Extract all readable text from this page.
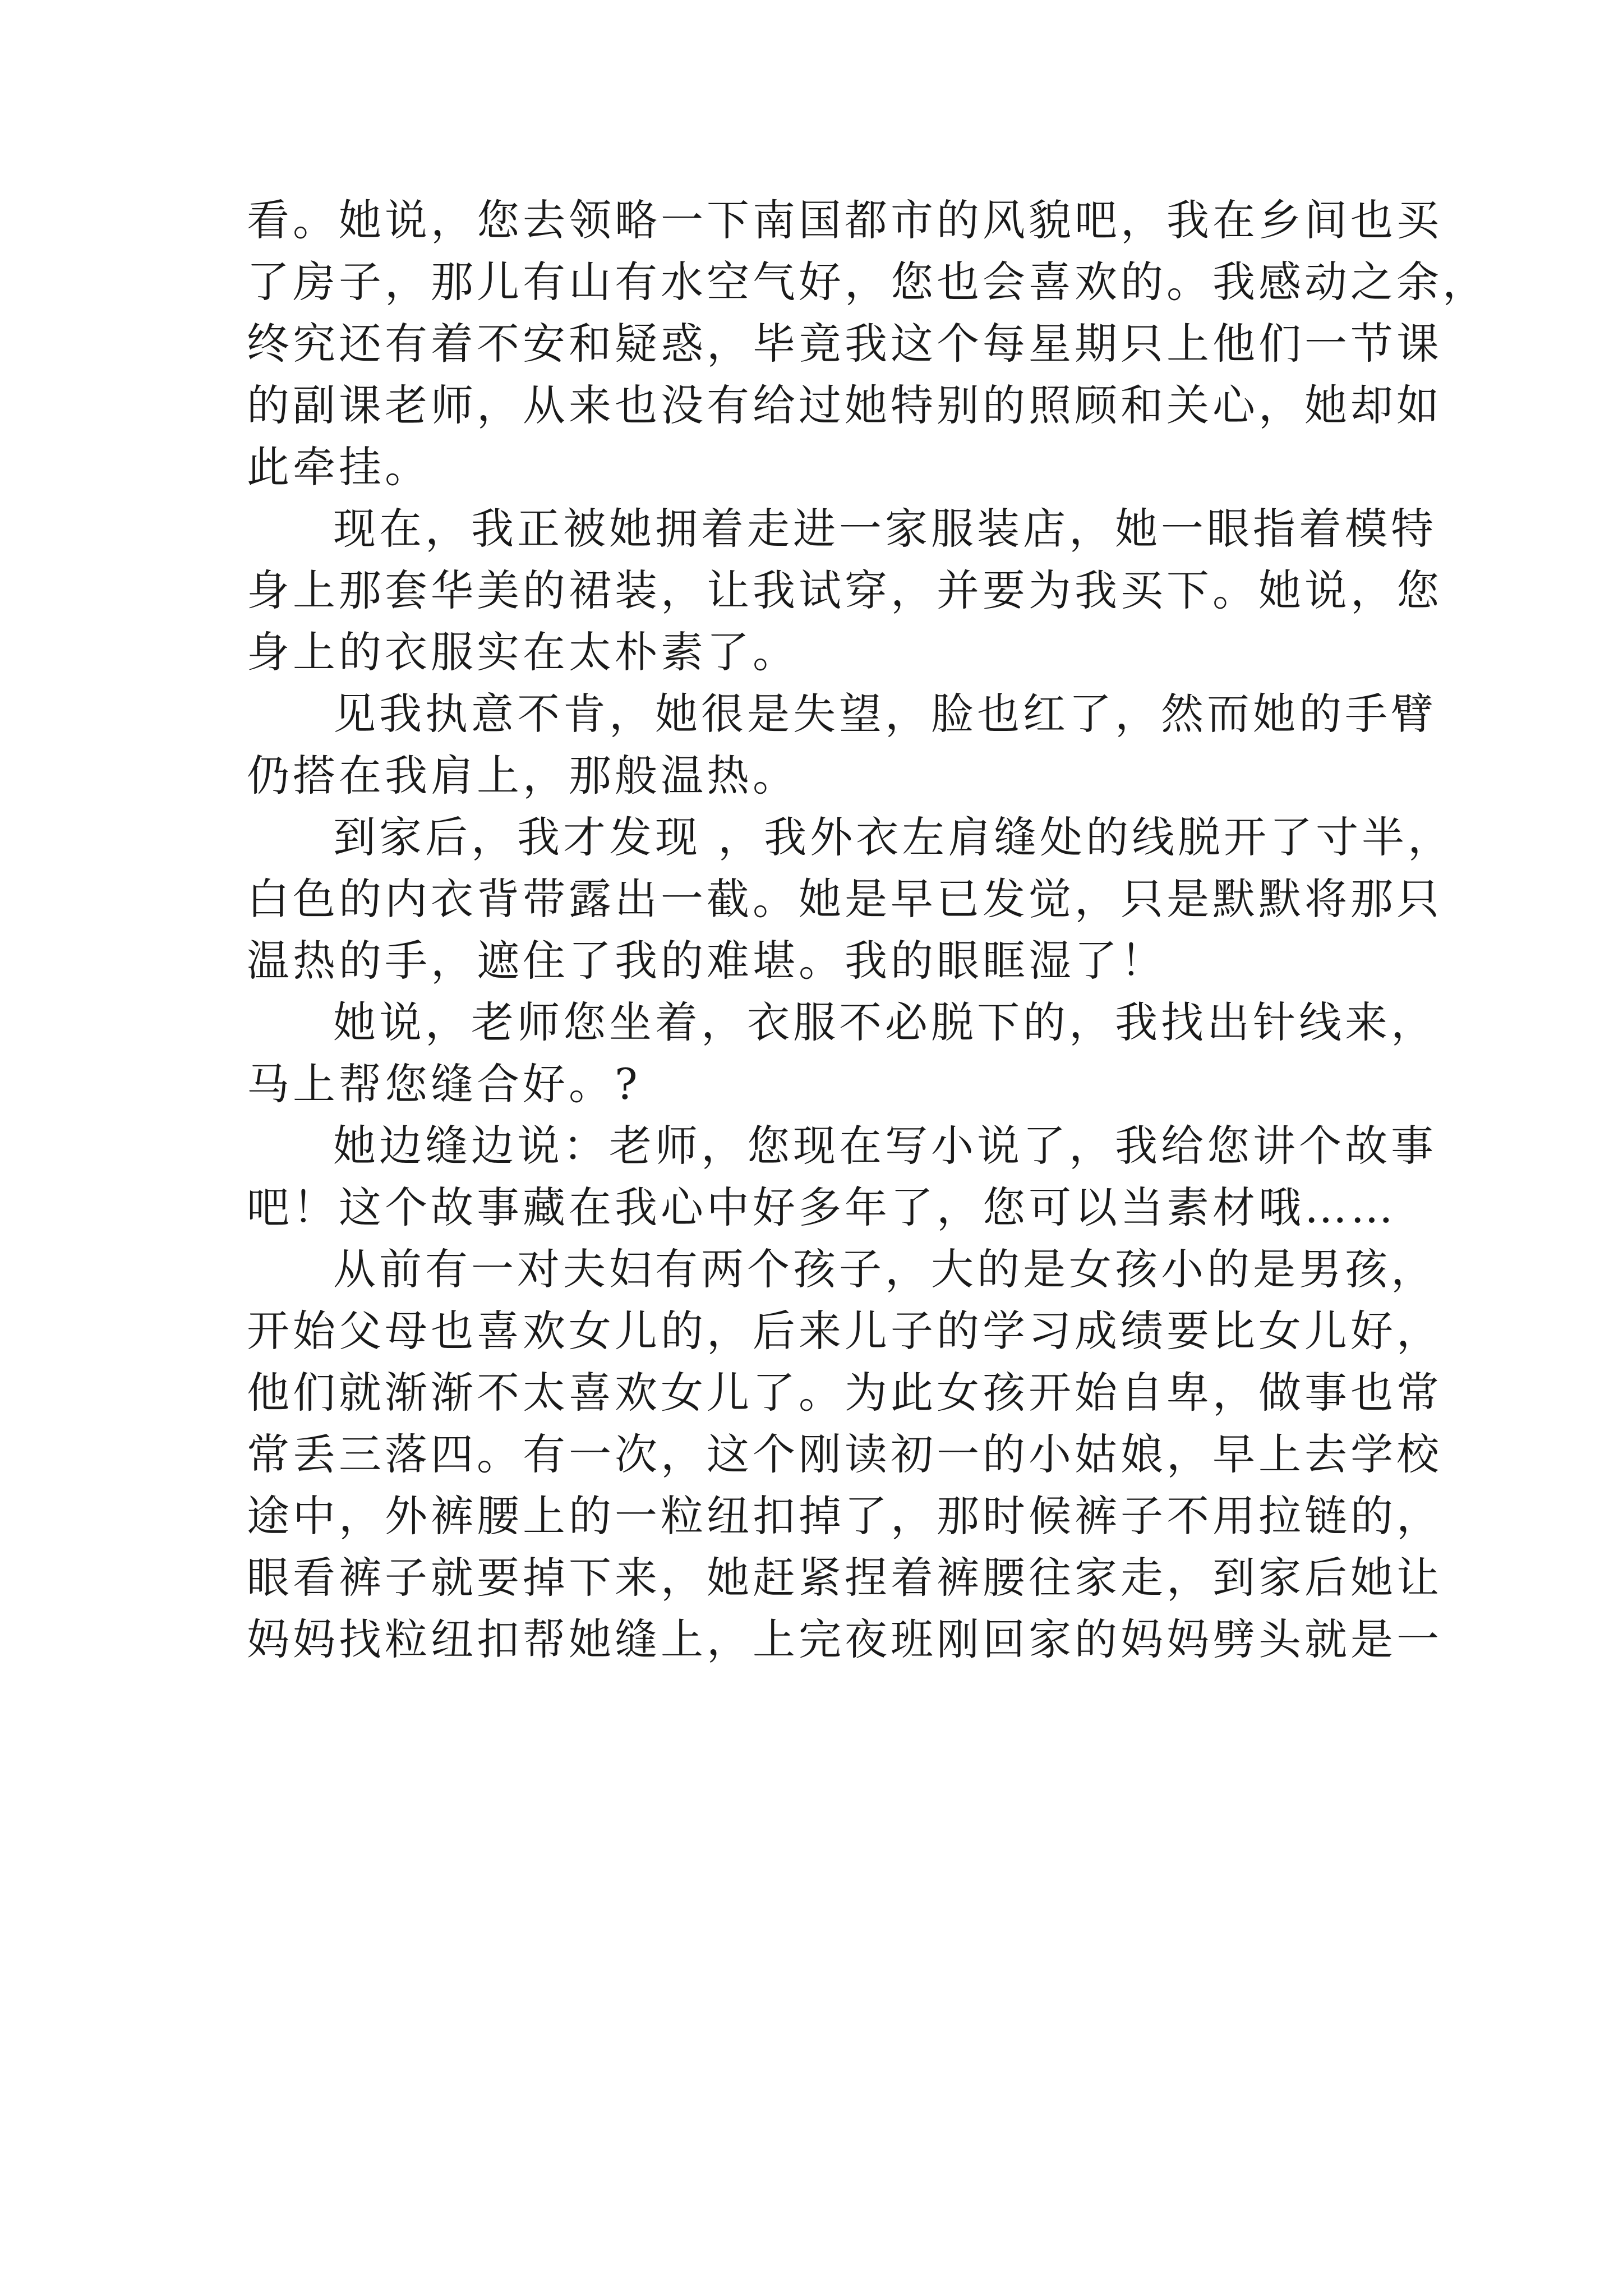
看。她说，您去领略一下南国都市的风貌吧，我在乡间也买
了房子，那儿有山有水空气好，您也会喜欢的。我感动之余，
终究还有着不安和疑惑，毕竟我这个每星期只上他们一节课
的副课老师，从来也没有给过她特别的照顾和关心，她却如
此牵挂。
现在，我正被她拥着走进一家服装店，她一眼指着模特
身上那套华美的裙装，让我试穿，并要为我买下。她说，您
身上的衣服实在太朴素了。
见我执意不肯，她很是失望，脸也红了，然而她的手臂
仍搭在我肩上，那般温热。
到家后，我才发现 ，我外衣左肩缝处的线脱开了寸半，
白色的内衣背带露出一截。她是早已发觉，只是默默将那只
温热的手，遮住了我的难堪。我的眼眶湿了！
她说，老师您坐着，衣服不必脱下的，我找出针线来，
马上帮您缝合好。?
她边缝边说：老师，您现在写小说了，我给您讲个故事
吧！这个故事藏在我心中好多年了，您可以当素材哦……
从前有一对夫妇有两个孩子，大的是女孩小的是男孩，
开始父母也喜欢女儿的，后来儿子的学习成绩要比女儿好，
他们就渐渐不太喜欢女儿了。为此女孩开始自卑，做事也常
常丢三落四。有一次，这个刚读初一的小姑娘，早上去学校
途中，外裤腰上的一粒纽扣掉了，那时候裤子不用拉链的，
眼看裤子就要掉下来，她赶紧捏着裤腰往家走，到家后她让
妈妈找粒纽扣帮她缝上，上完夜班刚回家的妈妈劈头就是一
